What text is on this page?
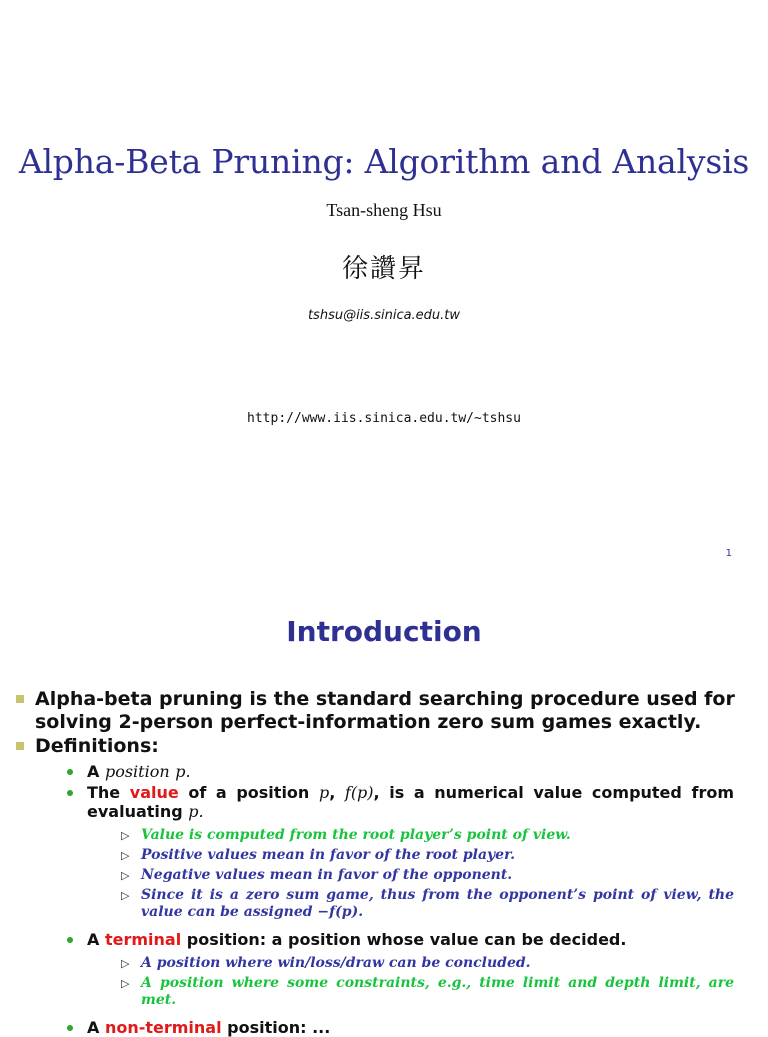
Alpha-Beta Pruning: Algorithm and Analysis
Tsan-sheng Hsu
徐讚昇
tshsu@iis.sinica.edu.tw
http://www.iis.sinica.edu.tw/~tshsu
1
Introduction
Alpha-beta pruning is the standard searching procedure used for solving 2-person perfect-information zero sum games exactly.
Definitions:
A position p.
The value of a position p, f(p), is a numerical value computed from evaluating p.
▷ Value is computed from the root player’s point of view.
▷ Positive values mean in favor of the root player.
▷ Negative values mean in favor of the opponent.
▷ Since it is a zero sum game, thus from the opponent’s point of view, the value can be assigned −f(p).
A terminal position: a position whose value can be decided.
▷ A position where win/loss/draw can be concluded.
▷ A position where some constraints, e.g., time limit and depth limit, are met.
A non-terminal position: ...
